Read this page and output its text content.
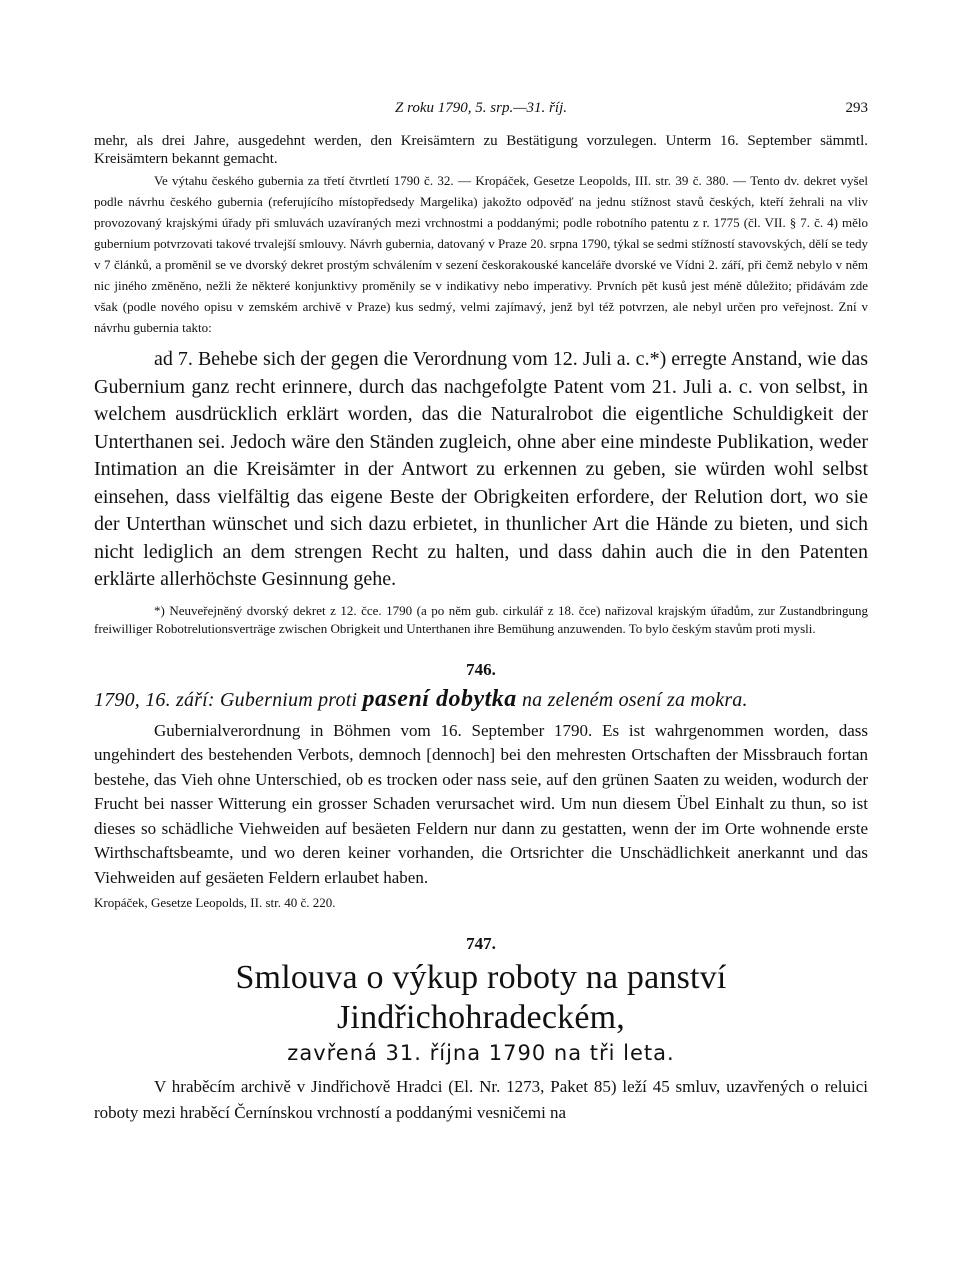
Z roku 1790, 5. srp.—31. říj.	293

mehr, als drei Jahre, ausgedehnt werden, den Kreisämtern zu Bestätigung vorzulegen. Unterm 16. September sämmtl. Kreisämtern bekannt gemacht.

Ve výtahu českého gubernia za třetí čtvrtletí 1790 č. 32. — Kropáček, Gesetze Leopolds, III. str. 39 č. 380. — Tento dv. dekret vyšel podle návrhu českého gubernia (referujícího místopředsedy Margelika) jakožto odpověď na jednu stížnost stavů českých, kteří žehrali na vliv provozovaný krajskými úřady při smluvách uzavíraných mezi vrchnostmi a poddanými; podle robotního patentu z r. 1775 (čl. VII. § 7. č. 4) mělo gubernium potvrzovati takové trvalejší smlouvy. Návrh gubernia, datovaný v Praze 20. srpna 1790, týkal se sedmi stížností stavovských, dělí se tedy v 7 článků, a proměnil se ve dvorský dekret prostým schválením v sezení českorakouské kanceláře dvorské ve Vídni 2. září, při čemž nebylo v něm nic jiného změněno, nežli že některé konjunktivy proměnily se v indikativy nebo imperativy. Prvních pět kusů jest méně důležito; přidávám zde však (podle nového opisu v zemském archivě v Praze) kus sedmý, velmi zajímavý, jenž byl též potvrzen, ale nebyl určen pro veřejnost. Zní v návrhu gubernia takto:

ad 7. Behebe sich der gegen die Verordnung vom 12. Juli a. c.*) erregte Anstand, wie das Gubernium ganz recht erinnere, durch das nachgefolgte Patent vom 21. Juli a. c. von selbst, in welchem ausdrücklich erklärt worden, das die Naturalrobot die eigentliche Schuldigkeit der Unterthanen sei. Jedoch wäre den Ständen zugleich, ohne aber eine mindeste Publikation, weder Intimation an die Kreisämter in der Antwort zu erkennen zu geben, sie würden wohl selbst einsehen, dass vielfältig das eigene Beste der Obrigkeiten erfordere, der Relution dort, wo sie der Unterthan wünschet und sich dazu erbietet, in thunlicher Art die Hände zu bieten, und sich nicht lediglich an dem strengen Recht zu halten, und dass dahin auch die in den Patenten erklärte allerhöchste Gesinnung gehe.

*) Neuveřejněný dvorský dekret z 12. čce. 1790 (a po něm gub. cirkulář z 18. čce) nařizoval krajským úřadům, zur Zustandbringung freiwilliger Robotrelutionsverträge zwischen Obrigkeit und Unterthanen ihre Bemühung anzuwenden. To bylo českým stavům proti mysli.

746.
1790, 16. září: Gubernium proti pasení dobytka na zeleném osení za mokra.

Gubernialverordnung in Böhmen vom 16. September 1790. Es ist wahrgenommen worden, dass ungehindert des bestehenden Verbots, demnoch [dennoch] bei den mehresten Ortschaften der Missbrauch fortan bestehe, das Vieh ohne Unterschied, ob es trocken oder nass seie, auf den grünen Saaten zu weiden, wodurch der Frucht bei nasser Witterung ein grosser Schaden verursachet wird. Um nun diesem Übel Einhalt zu thun, so ist dieses so schädliche Viehweiden auf besäeten Feldern nur dann zu gestatten, wenn der im Orte wohnende erste Wirthschaftsbeamte, und wo deren keiner vorhanden, die Ortsrichter die Unschädlichkeit anerkannt und das Viehweiden auf gesäeten Feldern erlaubet haben.

Kropáček, Gesetze Leopolds, II. str. 40 č. 220.

747.
Smlouva o výkup roboty na panství Jindřichohradeckém,
zavřená 31. října 1790 na tři leta.

V hraběcím archivě v Jindřichově Hradci (El. Nr. 1273, Paket 85) leží 45 smluv, uzavřených o reluici roboty mezi hraběcí Černínskou vrchností a poddanými vesničemi na
